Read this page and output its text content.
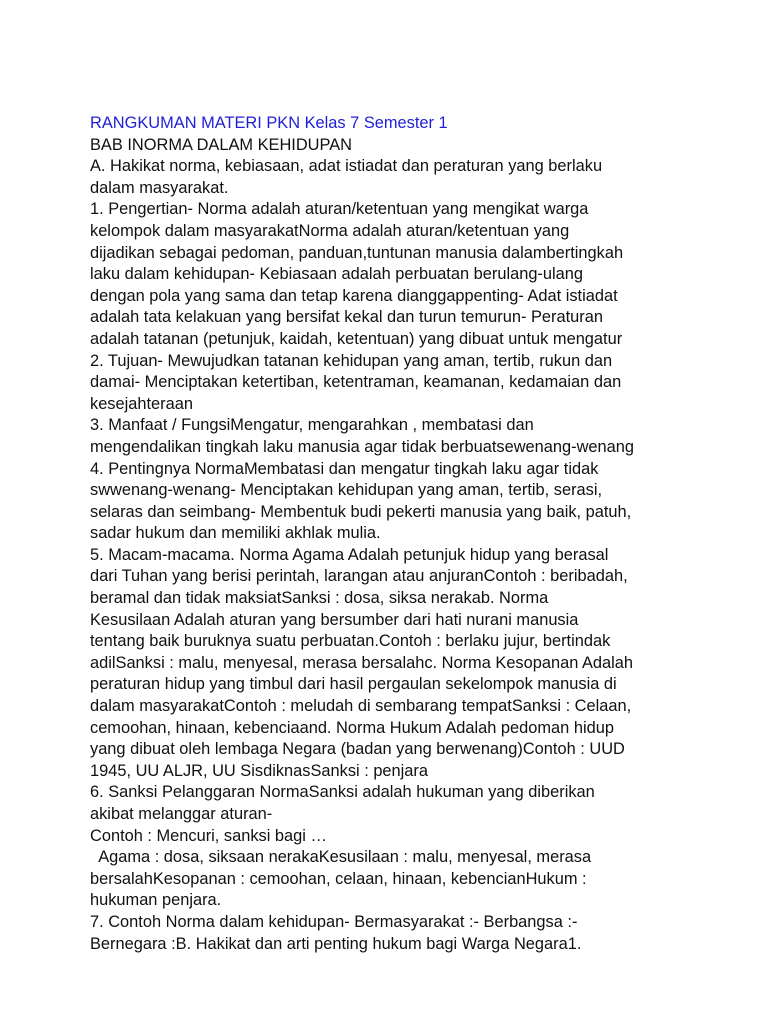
RANGKUMAN MATERI PKN Kelas 7 Semester 1
BAB INORMA DALAM KEHIDUPAN
A. Hakikat norma, kebiasaan, adat istiadat dan peraturan yang berlaku
dalam masyarakat.
1. Pengertian- Norma adalah aturan/ketentuan yang mengikat warga
kelompok dalam masyarakatNorma adalah aturan/ketentuan yang
dijadikan sebagai pedoman, panduan,tuntunan manusia dalambertingkah
laku dalam kehidupan- Kebiasaan adalah perbuatan berulang-ulang
dengan pola yang sama dan tetap karena dianggappenting- Adat istiadat
adalah tata kelakuan yang bersifat kekal dan turun temurun- Peraturan
adalah tatanan (petunjuk, kaidah, ketentuan) yang dibuat untuk mengatur
2. Tujuan- Mewujudkan tatanan kehidupan yang aman, tertib, rukun dan
damai- Menciptakan ketertiban, ketentraman, keamanan, kedamaian dan
kesejahteraan
3. Manfaat / FungsiMengatur, mengarahkan , membatasi dan
mengendalikan tingkah laku manusia agar tidak berbuatsewenang-wenang
4. Pentingnya NormaMembatasi dan mengatur tingkah laku agar tidak
swwenang-wenang- Menciptakan kehidupan yang aman, tertib, serasi,
selaras dan seimbang- Membentuk budi pekerti manusia yang baik, patuh,
sadar hukum dan memiliki akhlak mulia.
5. Macam-macama. Norma Agama Adalah petunjuk hidup yang berasal
dari Tuhan yang berisi perintah, larangan atau anjuranContoh : beribadah,
beramal dan tidak maksiatSanksi : dosa, siksa nerakab. Norma
Kesusilaan Adalah aturan yang bersumber dari hati nurani manusia
tentang baik buruknya suatu perbuatan.Contoh : berlaku jujur, bertindak
adilSanksi : malu, menyesal, merasa bersalahc. Norma Kesopanan Adalah
peraturan hidup yang timbul dari hasil pergaulan sekelompok manusia di
dalam masyarakatContoh : meludah di sembarang tempatSanksi : Celaan,
cemoohan, hinaan, kebenciaand. Norma Hukum Adalah pedoman hidup
yang dibuat oleh lembaga Negara (badan yang berwenang)Contoh : UUD
1945, UU ALJR, UU SisdiknasSanksi : penjara
6. Sanksi Pelanggaran NormaSanksi adalah hukuman yang diberikan
akibat melanggar aturan-
Contoh : Mencuri, sanksi bagi …
Agama : dosa, siksaan nerakaKesusilaan : malu, menyesal, merasa
bersalahKesopanan : cemoohan, celaan, hinaan, kebencianHukum :
hukuman penjara.
7. Contoh Norma dalam kehidupan- Bermasyarakat :- Berbangsa :-
Bernegara :B. Hakikat dan arti penting hukum bagi Warga Negara1.
